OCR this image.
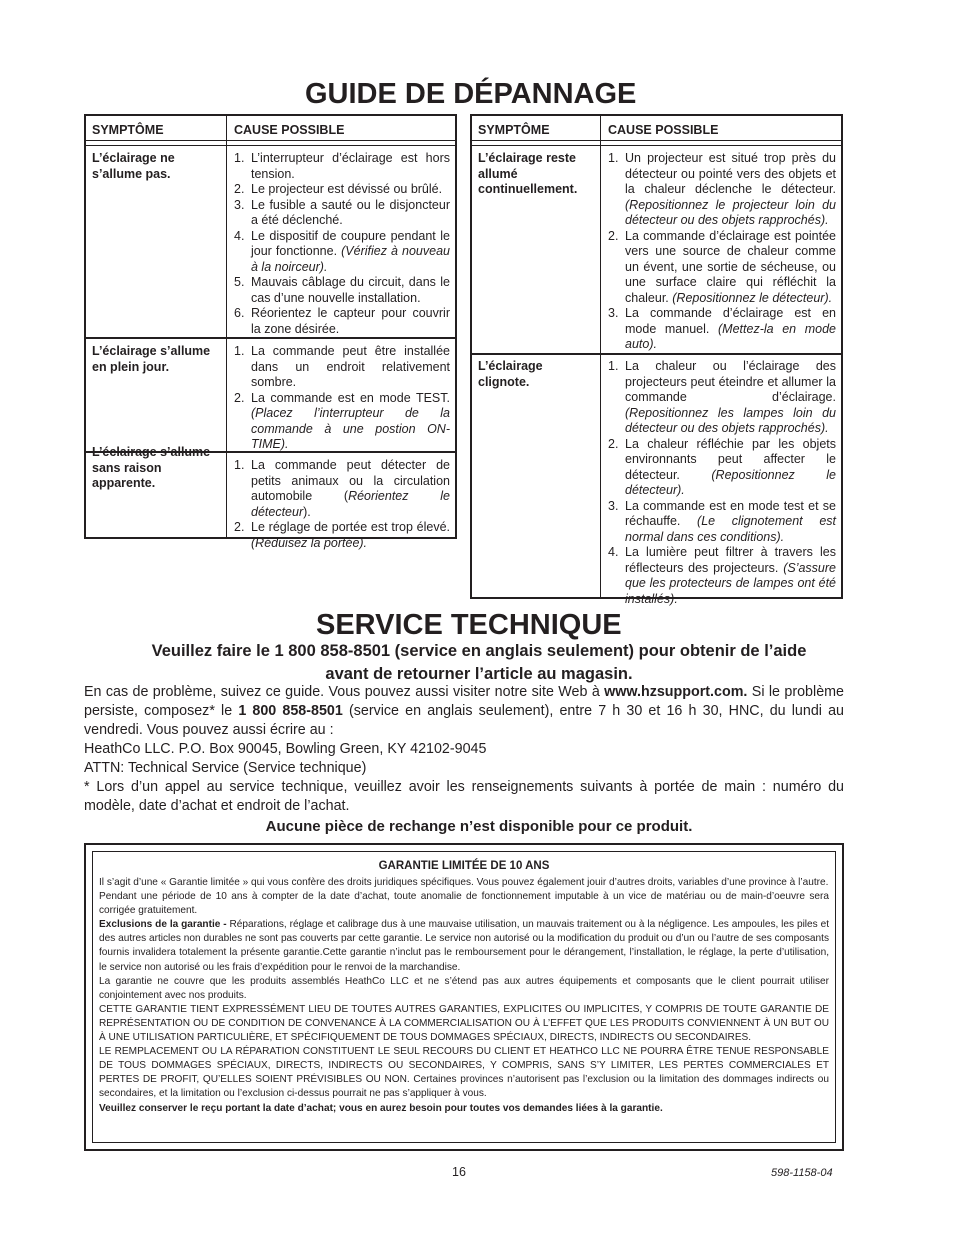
GUIDE DE DÉPANNAGE
SYMPTÔME	CAUSE POSSIBLE
L’éclairage ne s’allume pas.
1. L’interrupteur d’éclairage est hors tension.
2. Le projecteur est dévissé ou brûlé.
3. Le fusible a sauté ou le disjoncteur a été déclenché.
4. Le dispositif de coupure pendant le jour fonctionne. (Vérifiez à nouveau à la noirceur).
5. Mauvais câblage du circuit, dans le cas d’une nouvelle installation.
6. Réorientez le capteur pour couvrir la zone désirée.
L’éclairage s’allume en plein jour.
1. La commande peut être installée dans un endroit relativement sombre.
2. La commande est en mode TEST. (Placez l’interrupteur de la commande à une postion ON-TIME).
L’éclairage s’allume sans raison apparente.
1. La commande peut détecter de petits animaux ou la circulation automobile (Réorientez le détecteur).
2. Le réglage de portée est trop élevé. (Réduisez la portée).
SYMPTÔME	CAUSE POSSIBLE
L’éclairage reste allumé continuellement.
1. Un projecteur est situé trop près du détecteur ou pointé vers des objets et la chaleur déclenche le détecteur. (Repositionnez le projecteur loin du détecteur ou des objets rapprochés).
2. La commande d’éclairage est pointée vers une source de chaleur comme un évent, une sortie de sécheuse, ou une surface claire qui réfléchit la chaleur. (Repositionnez le détecteur).
3. La commande d’éclairage est en mode manuel. (Mettez-la en mode auto).
L’éclairage clignote.
1. La chaleur ou l’éclairage des projecteurs peut éteindre et allumer la commande d’éclairage. (Repositionnez les lampes loin du détecteur ou des objets rapprochés).
2. La chaleur réfléchie par les objets environnants peut affecter le détecteur.	(Repositionnez le détecteur).
3. La commande est en mode test et se réchauffe. (Le clignotement est normal dans ces conditions).
4. La lumière peut filtrer à travers les réflecteurs des projecteurs. (S’assure que les protecteurs de lampes ont été installés).
SERVICE TECHNIQUE
Veuillez faire le 1 800 858-8501 (service en anglais seulement) pour obtenir de l’aide
avant de retourner l’article au magasin.

En cas de problème, suivez ce guide. Vous pouvez aussi visiter notre site Web à www.hzsupport.com. Si le problème persiste, composez* le 1 800 858-8501 (service en anglais seulement), entre 7 h 30 et 16 h 30, HNC, du lundi au vendredi. Vous pouvez aussi écrire au :

HeathCo LLC. P.O. Box 90045, Bowling Green, KY 42102-9045

ATTN: Technical Service (Service technique)

* Lors d’un appel au service technique, veuillez avoir les renseignements suivants à portée de main : numéro du modèle, date d’achat et endroit de l’achat.

Aucune pièce de rechange n’est disponible pour ce produit.
GARANTIE LIMITÉE DE 10 ANS

Il s’agit d’une « Garantie limitée » qui vous confère des droits juridiques spécifiques. Vous pouvez également jouir d’autres droits, variables d’une province à l’autre.

Pendant une période de 10 ans à compter de la date d’achat, toute anomalie de fonctionnement imputable à un vice de matériau ou de main-d’oeuvre sera corrigée gratuitement.

Exclusions de la garantie - Réparations, réglage et calibrage dus à une mauvaise utilisation, un mauvais traitement ou à la négligence. Les ampoules, les piles et des autres articles non durables ne sont pas couverts par cette garantie. Le service non autorisé ou la modification du produit ou d’un ou l’autre de ses composants fournis invalidera totalement la présente garantie.Cette garantie n’inclut pas le remboursement pour le dérangement, l’installation, le réglage, la perte d’utilisation, le service non autorisé ou les frais d’expédition pour le renvoi de la marchandise.

La garantie ne couvre que les produits assemblés HeathCo LLC et ne s’étend pas aux autres équipements et composants que le client pourrait utiliser conjointement avec nos produits.

CETTE GARANTIE TIENT EXPRESSÉMENT LIEU DE TOUTES AUTRES GARANTIES, EXPLICITES OU IMPLICITES, Y COMPRIS DE TOUTE GARANTIE DE REPRÉSENTATION OU DE CONDITION DE CONVENANCE À LA COMMERCIALISATION OU À L’EFFET QUE LES PRODUITS CONVIENNENT À UN BUT OU À UNE UTILISATION PARTICULIÈRE, ET SPÉCIFIQUEMENT DE TOUS DOMMAGES SPÉCIAUX, DIRECTS, INDIRECTS OU SECONDAIRES.

LE REMPLACEMENT OU LA RÉPARATION CONSTITUENT LE SEUL RECOURS DU CLIENT ET HEATHCO LLC NE POURRA ÊTRE TENUE RESPONSABLE DE TOUS DOMMAGES SPÉCIAUX, DIRECTS, INDIRECTS OU SECONDAIRES, Y COMPRIS, SANS S’Y LIMITER, LES PERTES COMMERCIALES ET PERTES DE PROFIT, QU’ELLES SOIENT PRÉVISIBLES OU NON. Certaines provinces n’autorisent pas l’exclusion ou la limitation des dommages indirects ou secondaires, et la limitation ou l’exclusion ci-dessus pourrait ne pas s’appliquer à vous.

Veuillez conserver le reçu portant la date d’achat; vous en aurez besoin pour toutes vos demandes liées à la garantie.

16	598-1158-04
